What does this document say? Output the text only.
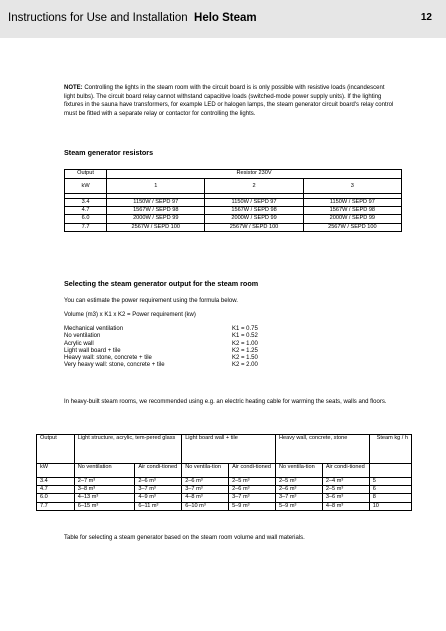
Instructions for Use and Installation Helo Steam	12
NOTE: Controlling the lights in the steam room with the circuit board is is only possible with resistive loads (incandescent light bulbs). The circuit board relay cannot withstand capacitive loads (switched-mode power supply units). If the lighting fixtures in the sauna have transformers, for example LED or halogen lamps, the steam generator circuit board's relay control must be fitted with a separate relay or contactor for controlling the lights.
Steam generator resistors
Output	Resistor 230V		
kW	1	2	3

3.4	1150W / SEPD 97	1150W / SEPD 97	1150W / SEPD 97
4.7	1567W / SEPD 98	1567W / SEPD 98	1567W / SEPD 98
6.0	2000W / SEPD 99	2000W / SEPD 99	2000W / SEPD 99
7.7	2567W / SEPD 100	2567W / SEPD 100	2567W / SEPD 100
Selecting the steam generator output for the steam room
You can estimate the power requirement using the formula below.
Volume (m3) x K1 x K2 = Power requirement (kw)
Mechanical ventilation	K1 = 0.75
No ventilation	K1 = 0.52
Acrylic wall	K2 = 1.00
Light wall board + tile	K2 = 1.25
Heavy wall: stone, concrete + tile	K2 = 1.50
Very heavy wall: stone, concrete + tile	K2 = 2.00
In heavy-built steam rooms, we recommended using e.g. an electric heating cable for warming the seats, walls and floors.
Output	Light structure, acrylic, tem-pered glass		Light board wall + tile		Heavy wall, concrete, stone		Steam kg / h
kW	No ventilation	Air condi-tioned	No ventila-tion	Air condi-tioned	No ventila-tion	Air condi-tioned	
3.4	2–7 m³	2–6 m³	2–6 m³	2–5 m³	2–5 m³	2–4 m³	5
4.7	3–8 m³	3–7 m³	3–7 m³	2–6 m³	2–6 m³	2–5 m³	6
6.0	4–13 m³	4–9 m³	4–8 m³	3–7 m³	3–7 m³	3–6 m³	8
7.7	6–15 m³	6–11 m³	6–10 m³	5–9 m³	5–9 m³	4–8 m³	10
Table for selecting a steam generator based on the steam room volume and wall materials.
